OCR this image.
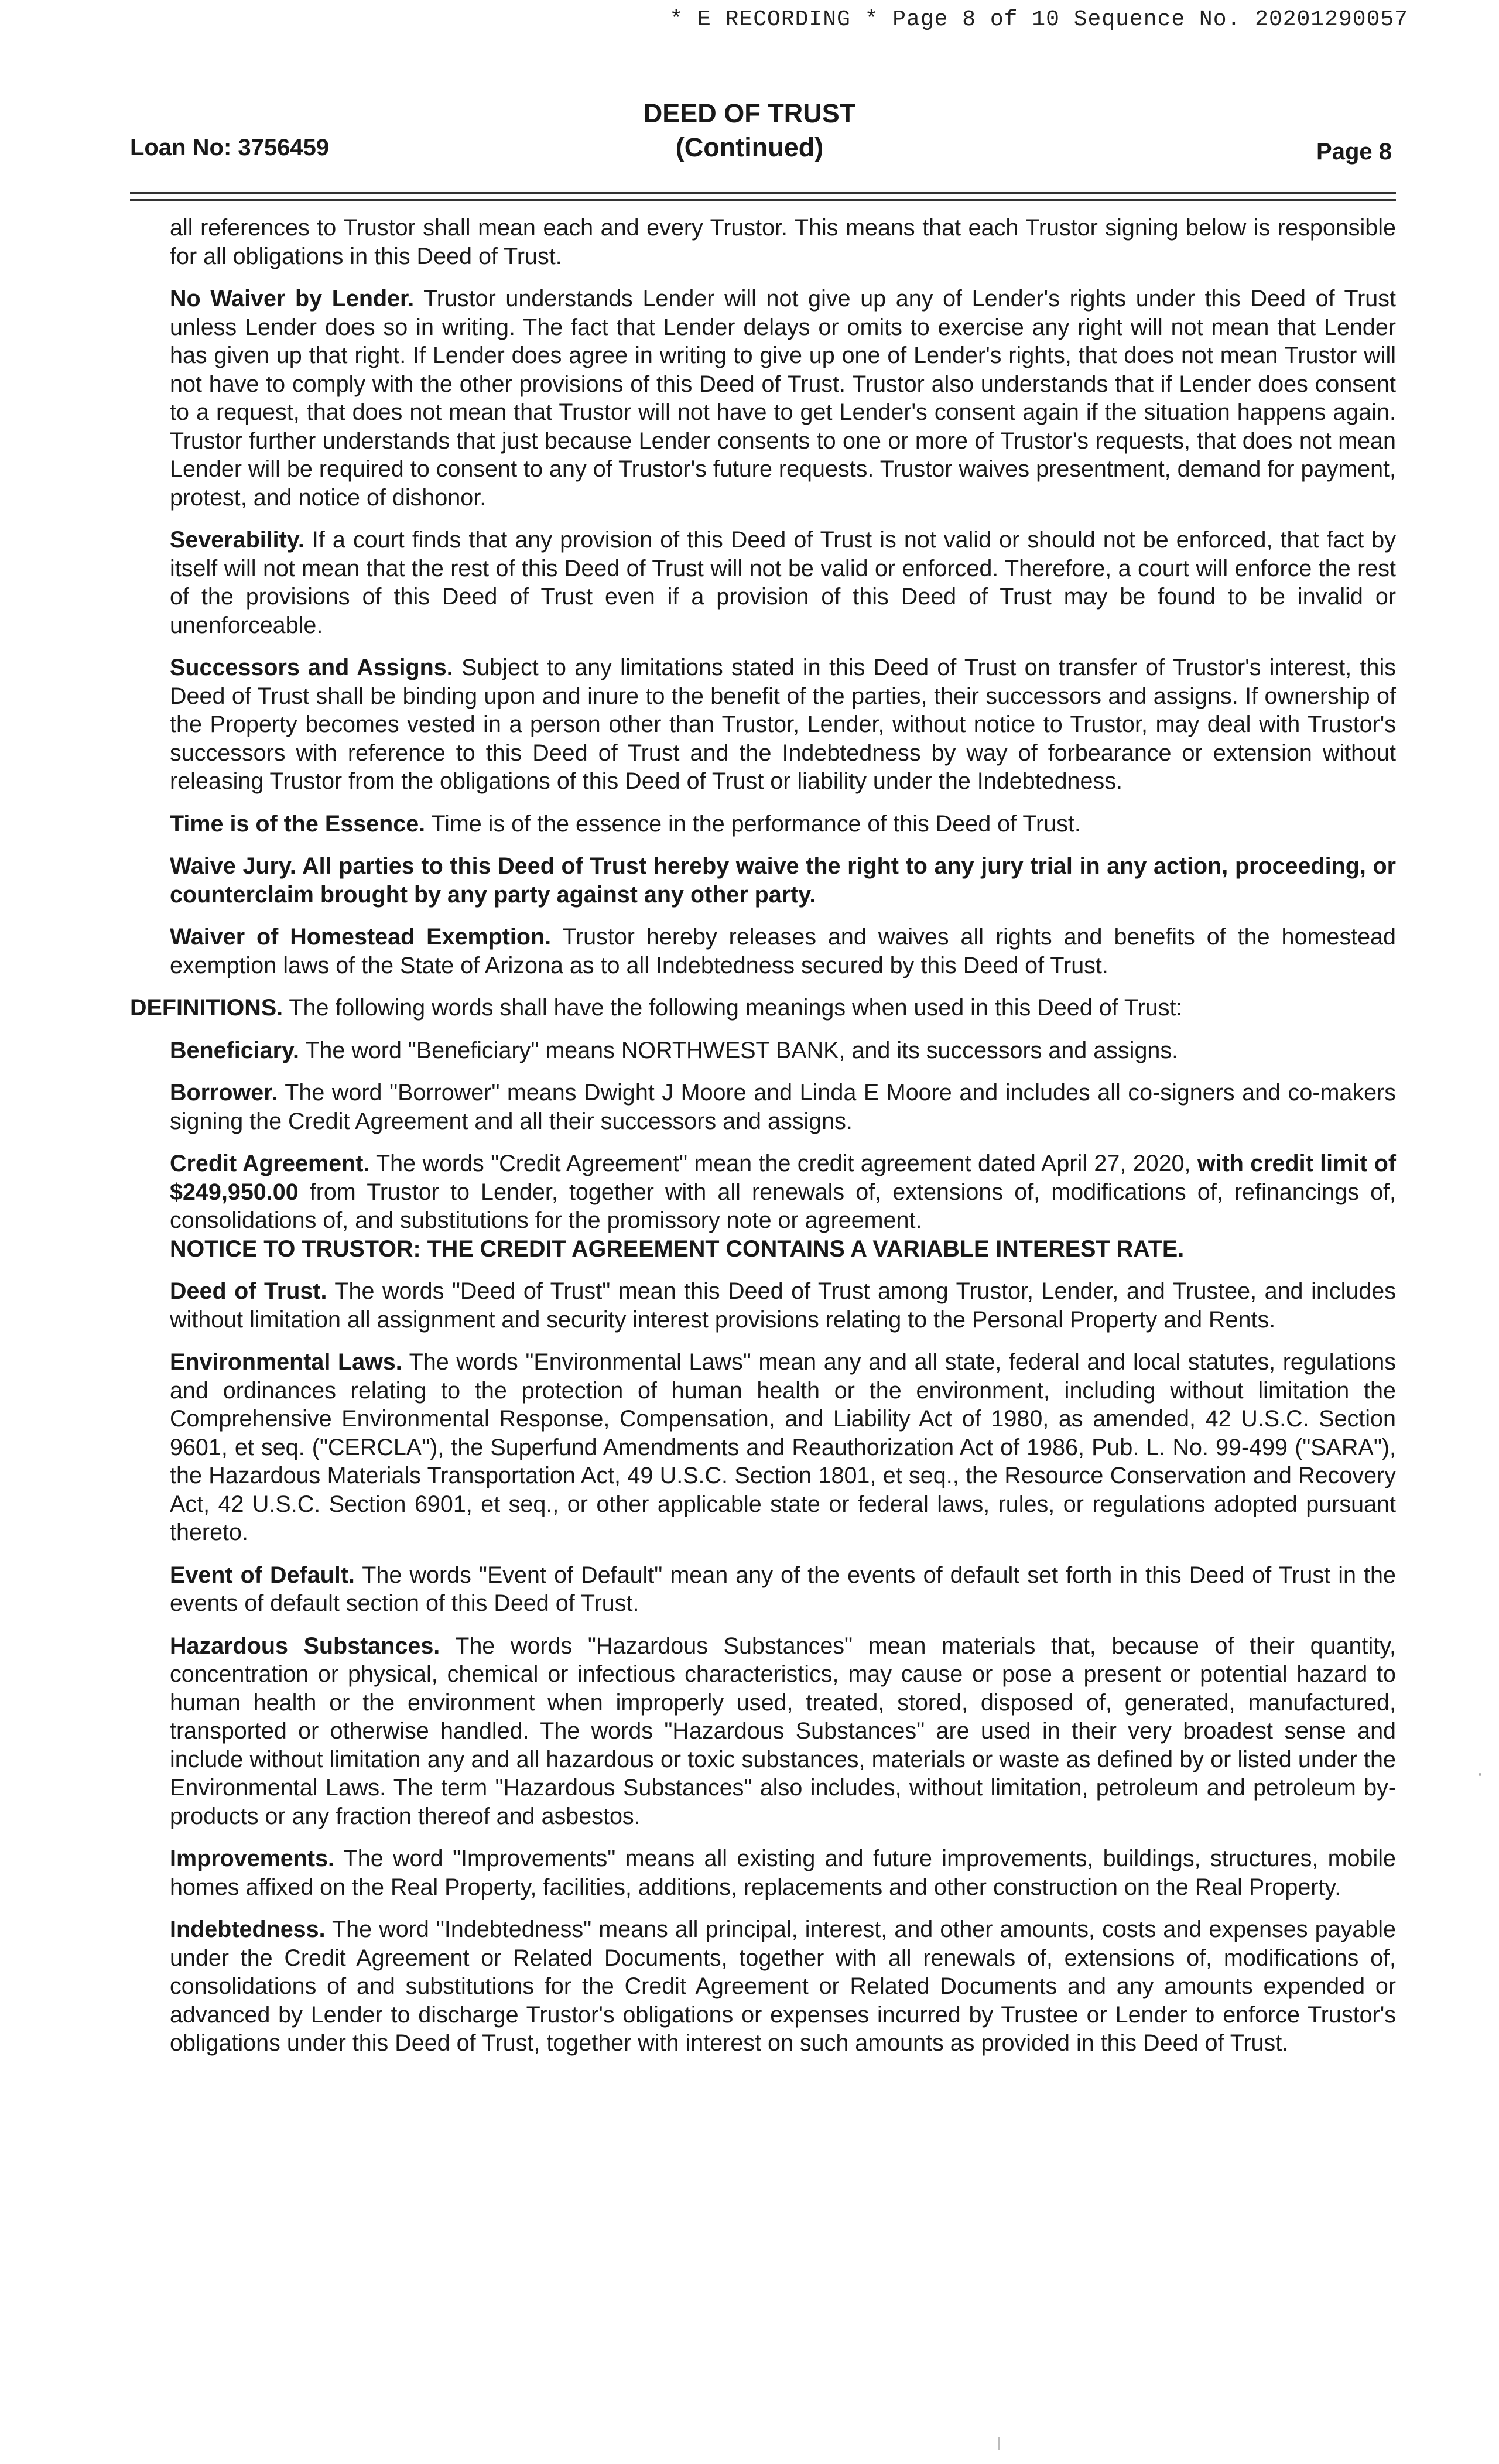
* E RECORDING * Page 8 of 10 Sequence No. 20201290057
Loan No: 3756459
DEED OF TRUST
(Continued)	Page 8

all references to Trustor shall mean each and every Trustor. This means that each Trustor signing below is responsible for all obligations in this Deed of Trust.

No Waiver by Lender. Trustor understands Lender will not give up any of Lender's rights under this Deed of Trust unless Lender does so in writing. The fact that Lender delays or omits to exercise any right will not mean that Lender has given up that right. If Lender does agree in writing to give up one of Lender's rights, that does not mean Trustor will not have to comply with the other provisions of this Deed of Trust. Trustor also understands that if Lender does consent to a request, that does not mean that Trustor will not have to get Lender's consent again if the situation happens again. Trustor further understands that just because Lender consents to one or more of Trustor's requests, that does not mean Lender will be required to consent to any of Trustor's future requests. Trustor waives presentment, demand for payment, protest, and notice of dishonor.

Severability. If a court finds that any provision of this Deed of Trust is not valid or should not be enforced, that fact by itself will not mean that the rest of this Deed of Trust will not be valid or enforced. Therefore, a court will enforce the rest of the provisions of this Deed of Trust even if a provision of this Deed of Trust may be found to be invalid or unenforceable.

Successors and Assigns. Subject to any limitations stated in this Deed of Trust on transfer of Trustor's interest, this Deed of Trust shall be binding upon and inure to the benefit of the parties, their successors and assigns. If ownership of the Property becomes vested in a person other than Trustor, Lender, without notice to Trustor, may deal with Trustor's successors with reference to this Deed of Trust and the Indebtedness by way of forbearance or extension without releasing Trustor from the obligations of this Deed of Trust or liability under the Indebtedness.

Time is of the Essence. Time is of the essence in the performance of this Deed of Trust.

Waive Jury. All parties to this Deed of Trust hereby waive the right to any jury trial in any action, proceeding, or counterclaim brought by any party against any other party.

Waiver of Homestead Exemption. Trustor hereby releases and waives all rights and benefits of the homestead exemption laws of the State of Arizona as to all Indebtedness secured by this Deed of Trust.

DEFINITIONS. The following words shall have the following meanings when used in this Deed of Trust:

Beneficiary. The word "Beneficiary" means NORTHWEST BANK, and its successors and assigns.

Borrower. The word "Borrower" means Dwight J Moore and Linda E Moore and includes all co-signers and co-makers signing the Credit Agreement and all their successors and assigns.

Credit Agreement. The words "Credit Agreement" mean the credit agreement dated April 27, 2020, with credit limit of $249,950.00 from Trustor to Lender, together with all renewals of, extensions of, modifications of, refinancings of, consolidations of, and substitutions for the promissory note or agreement.
NOTICE TO TRUSTOR: THE CREDIT AGREEMENT CONTAINS A VARIABLE INTEREST RATE.

Deed of Trust. The words "Deed of Trust" mean this Deed of Trust among Trustor, Lender, and Trustee, and includes without limitation all assignment and security interest provisions relating to the Personal Property and Rents.

Environmental Laws. The words "Environmental Laws" mean any and all state, federal and local statutes, regulations and ordinances relating to the protection of human health or the environment, including without limitation the Comprehensive Environmental Response, Compensation, and Liability Act of 1980, as amended, 42 U.S.C. Section 9601, et seq. ("CERCLA"), the Superfund Amendments and Reauthorization Act of 1986, Pub. L. No. 99-499 ("SARA"), the Hazardous Materials Transportation Act, 49 U.S.C. Section 1801, et seq., the Resource Conservation and Recovery Act, 42 U.S.C. Section 6901, et seq., or other applicable state or federal laws, rules, or regulations adopted pursuant thereto.

Event of Default. The words "Event of Default" mean any of the events of default set forth in this Deed of Trust in the events of default section of this Deed of Trust.

Hazardous Substances. The words "Hazardous Substances" mean materials that, because of their quantity, concentration or physical, chemical or infectious characteristics, may cause or pose a present or potential hazard to human health or the environment when improperly used, treated, stored, disposed of, generated, manufactured, transported or otherwise handled. The words "Hazardous Substances" are used in their very broadest sense and include without limitation any and all hazardous or toxic substances, materials or waste as defined by or listed under the Environmental Laws. The term "Hazardous Substances" also includes, without limitation, petroleum and petroleum by-products or any fraction thereof and asbestos.

Improvements. The word "Improvements" means all existing and future improvements, buildings, structures, mobile homes affixed on the Real Property, facilities, additions, replacements and other construction on the Real Property.

Indebtedness. The word "Indebtedness" means all principal, interest, and other amounts, costs and expenses payable under the Credit Agreement or Related Documents, together with all renewals of, extensions of, modifications of, consolidations of and substitutions for the Credit Agreement or Related Documents and any amounts expended or advanced by Lender to discharge Trustor's obligations or expenses incurred by Trustee or Lender to enforce Trustor's obligations under this Deed of Trust, together with interest on such amounts as provided in this Deed of Trust.
